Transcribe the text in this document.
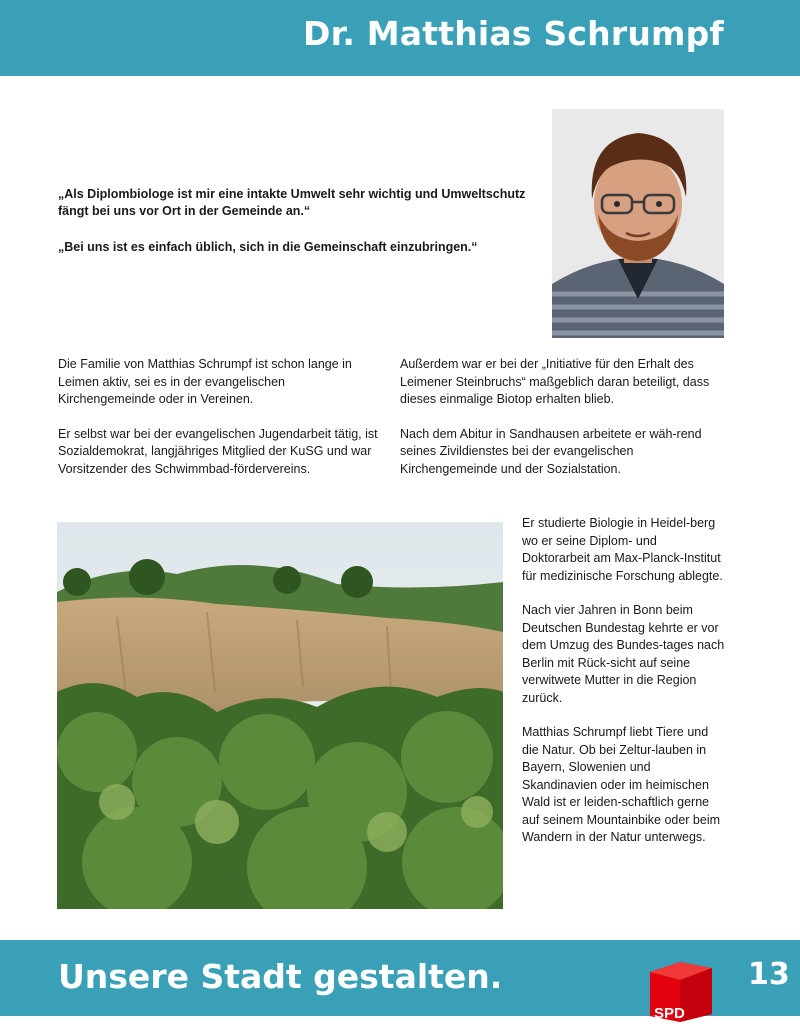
Dr. Matthias Schrumpf

„Als Diplombiologe ist mir eine intakte Umwelt sehr wichtig und Umweltschutz fängt bei uns vor Ort in der Gemeinde an.“

„Bei uns ist es einfach üblich, sich in die Gemeinschaft einzubringen.“

Die Familie von Matthias Schrumpf ist schon lange in Leimen aktiv, sei es in der evangelischen Kirchengemeinde oder in Vereinen.

Er selbst war bei der evangelischen Jugendarbeit tätig, ist Sozialdemokrat, langjähriges Mitglied der KuSG und war Vorsitzender des Schwimmbad-fördervereins.

Außerdem war er bei der „Initiative für den Erhalt des Leimener Steinbruchs“ maßgeblich daran beteiligt, dass dieses einmalige Biotop erhalten blieb.

Nach dem Abitur in Sandhausen arbeitete er wäh-rend seines Zivildienstes bei der evangelischen Kirchengemeinde und der Sozialstation.

Er studierte Biologie in Heidel-berg wo er seine Diplom- und Doktorarbeit am Max-Planck-Institut für medizinische Forschung ablegte.

Nach vier Jahren in Bonn beim Deutschen Bundestag kehrte er vor dem Umzug des Bundes-tages nach Berlin mit Rück-sicht auf seine verwitwete Mutter in die Region zurück.

Matthias Schrumpf liebt Tiere und die Natur. Ob bei Zeltur-lauben in Bayern, Slowenien und Skandinavien oder im heimischen Wald ist er leiden-schaftlich gerne auf seinem Mountainbike oder beim Wandern in der Natur unterwegs.

Unsere Stadt gestalten.
SPD
13
